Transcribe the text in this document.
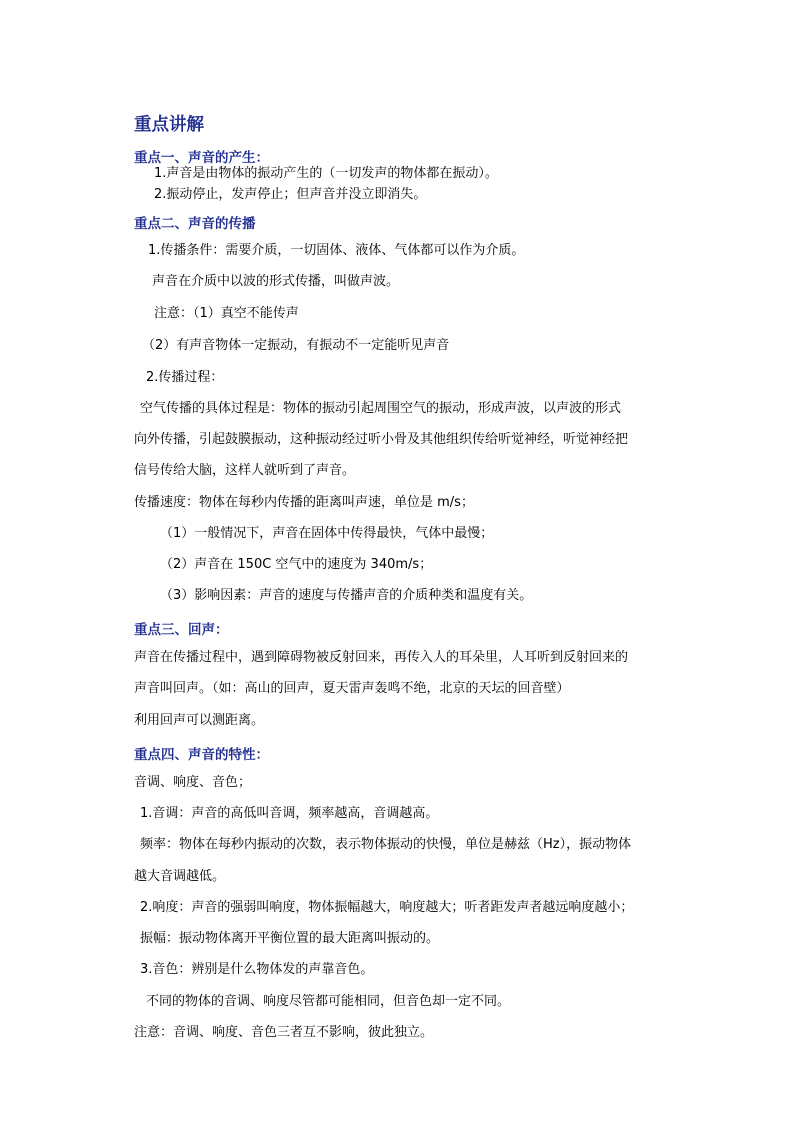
重点讲解
重点一、声音的产生：
1.声音是由物体的振动产生的（一切发声的物体都在振动）。
2.振动停止，发声停止；但声音并没立即消失。
重点二、声音的传播
1.传播条件：需要介质，一切固体、液体、气体都可以作为介质。
声音在介质中以波的形式传播，叫做声波。
注意：（1）真空不能传声
（2）有声音物体一定振动，有振动不一定能听见声音
2.传播过程：
空气传播的具体过程是：物体的振动引起周围空气的振动，形成声波，以声波的形式
向外传播，引起鼓膜振动，这种振动经过听小骨及其他组织传给听觉神经，听觉神经把
信号传给大脑，这样人就听到了声音。
传播速度：物体在每秒内传播的距离叫声速，单位是 m/s；
（1）一般情况下，声音在固体中传得最快，气体中最慢；
（2）声音在 150C 空气中的速度为 340m/s；
（3）影响因素：声音的速度与传播声音的介质种类和温度有关。
重点三、回声：
声音在传播过程中，遇到障碍物被反射回来，再传入人的耳朵里，人耳听到反射回来的
声音叫回声。（如：高山的回声，夏天雷声轰鸣不绝，北京的天坛的回音壁）
利用回声可以测距离。
重点四、声音的特性：
音调、响度、音色；
1.音调：声音的高低叫音调，频率越高，音调越高。
频率：物体在每秒内振动的次数，表示物体振动的快慢，单位是赫兹（Hz），振动物体
越大音调越低。
2.响度：声音的强弱叫响度，物体振幅越大，响度越大；听者距发声者越远响度越小；
振幅：振动物体离开平衡位置的最大距离叫振动的。
3.音色：辨别是什么物体发的声靠音色。
不同的物体的音调、响度尽管都可能相同，但音色却一定不同。
注意：音调、响度、音色三者互不影响，彼此独立。
